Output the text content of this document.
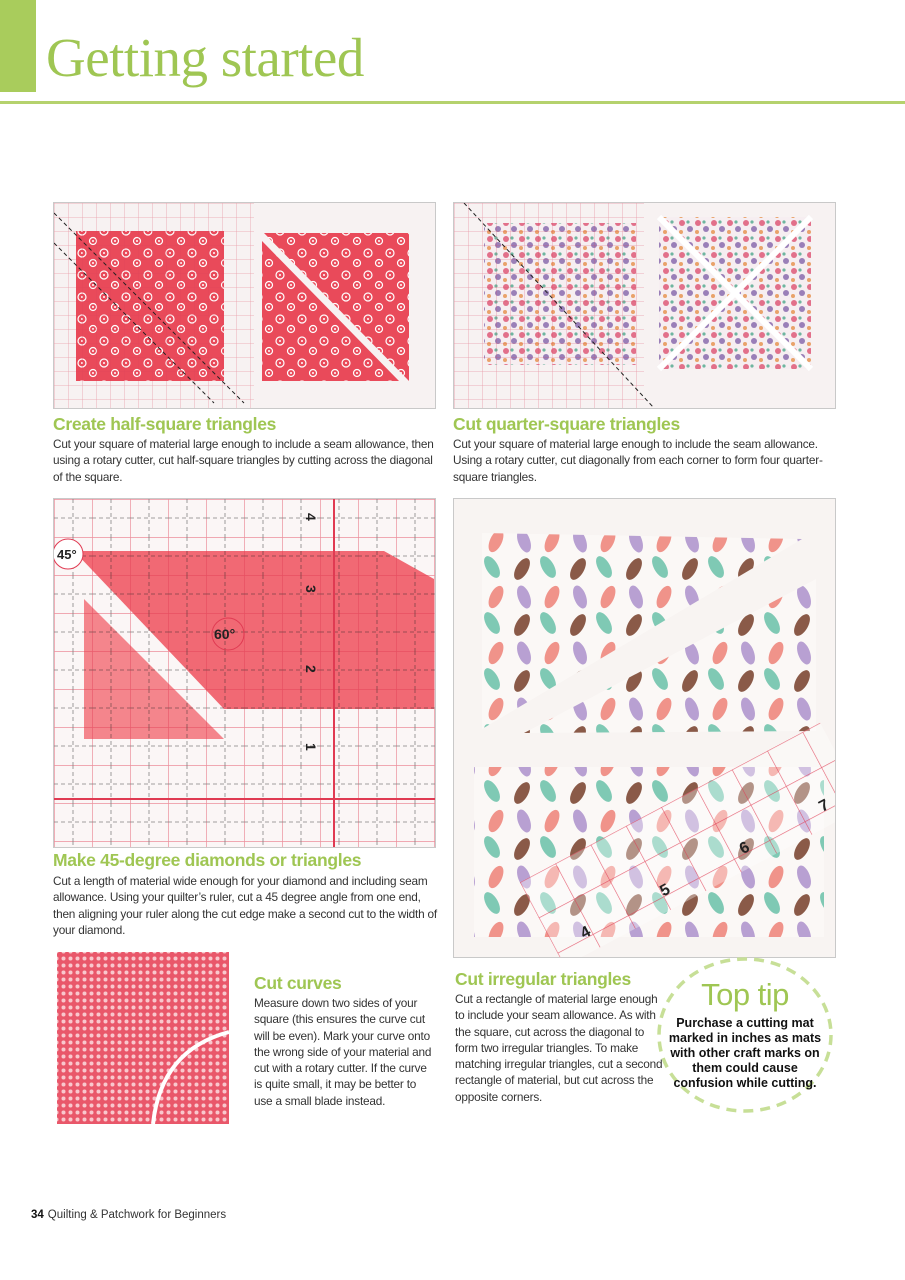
Getting started
Create half-square triangles

Cut your square of material large enough to include a seam allowance, then using a rotary cutter, cut half-square triangles by cutting across the diagonal of the square.

Cut quarter-square triangles

Cut your square of material large enough to include the seam allowance. Using a rotary cutter, cut diagonally from each corner to form four quarter-square triangles.

45°
60°
4
3
2
1
4
5
6
7
Make 45-degree diamonds or triangles

Cut a length of material wide enough for your diamond and including seam allowance. Using your quilter’s ruler, cut a 45 degree angle from one end, then aligning your ruler along the cut edge make a second cut to the width of your diamond.

Cut curves

Measure down two sides of your square (this ensures the curve cut will be even). Mark your curve onto the wrong side of your material and cut with a rotary cutter. If the curve is quite small, it may be better to use a small blade instead.

Cut irregular triangles

Cut a rectangle of material large enough to include your seam allowance. As with the square, cut across the diagonal to form two irregular triangles. To make matching irregular triangles, cut a second rectangle of material, but cut across the opposite corners.

Top tip
Purchase a cutting mat marked in inches as mats with other craft marks on them could cause confusion while cutting.
34 Quilting & Patchwork for Beginners
